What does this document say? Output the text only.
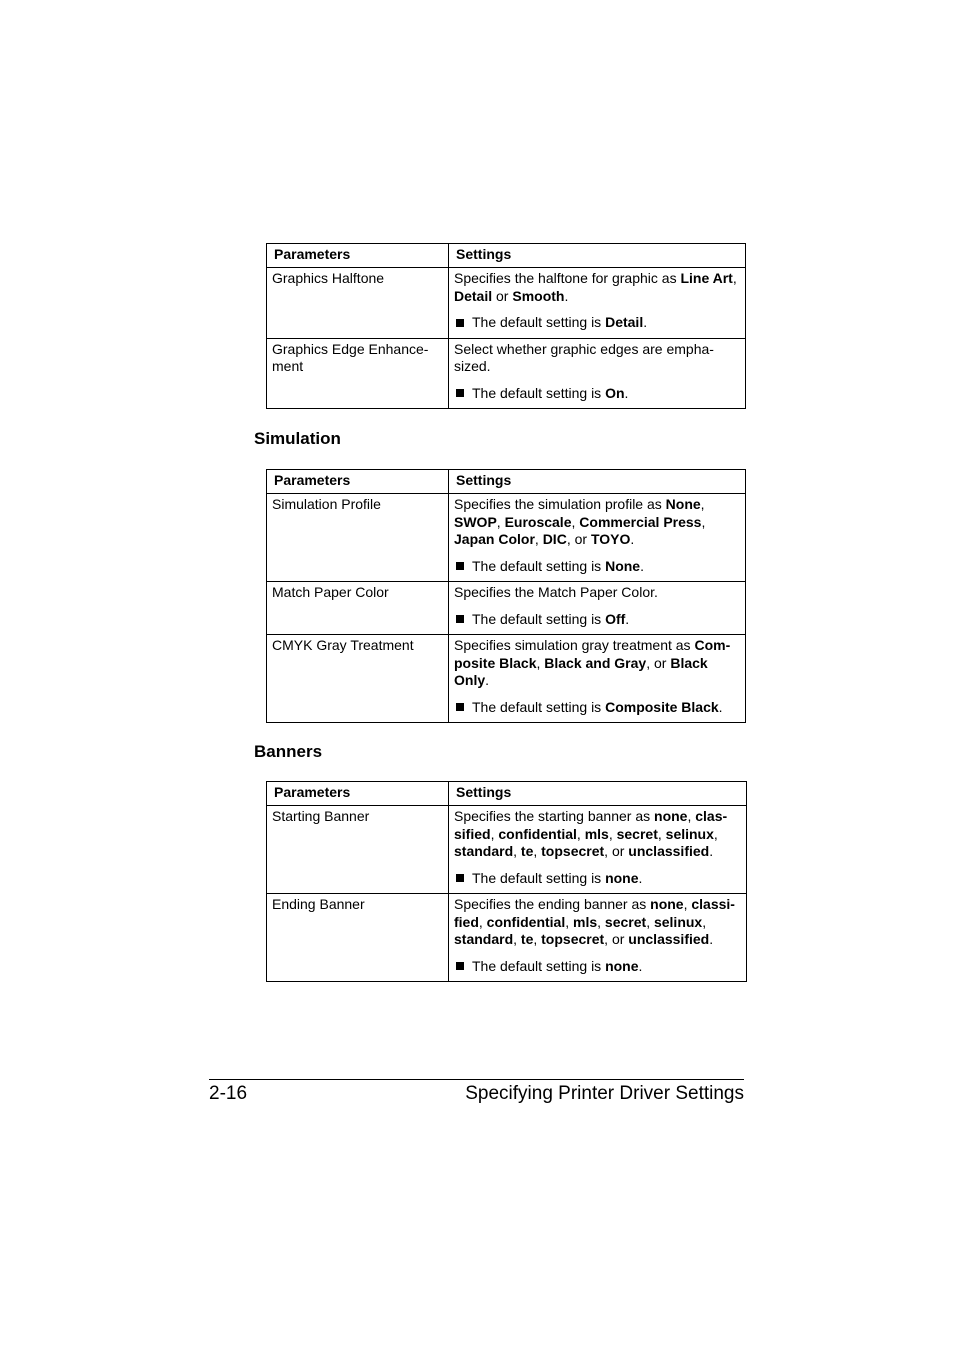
Parameters	Settings
Graphics Halftone	Specifies the halftone for graphic as Line Art,
Detail or Smooth.
The default setting is Detail.

Graphics Edge Enhance-
ment	Select whether graphic edges are empha-
sized.
The default setting is On.
Simulation
Parameters	Settings
Simulation Profile	Specifies the simulation profile as None,
SWOP, Euroscale, Commercial Press,
Japan Color, DIC, or TOYO.
The default setting is None.

Match Paper Color	Specifies the Match Paper Color.
The default setting is Off.

CMYK Gray Treatment	Specifies simulation gray treatment as Com-
posite Black, Black and Gray, or Black
Only.
The default setting is Composite Black.
Banners
Parameters	Settings
Starting Banner	Specifies the starting banner as none, clas-
sified, confidential, mls, secret, selinux,
standard, te, topsecret, or unclassified.
The default setting is none.

Ending Banner	Specifies the ending banner as none, classi-
fied, confidential, mls, secret, selinux,
standard, te, topsecret, or unclassified.
The default setting is none.
2-16	Specifying Printer Driver Settings
